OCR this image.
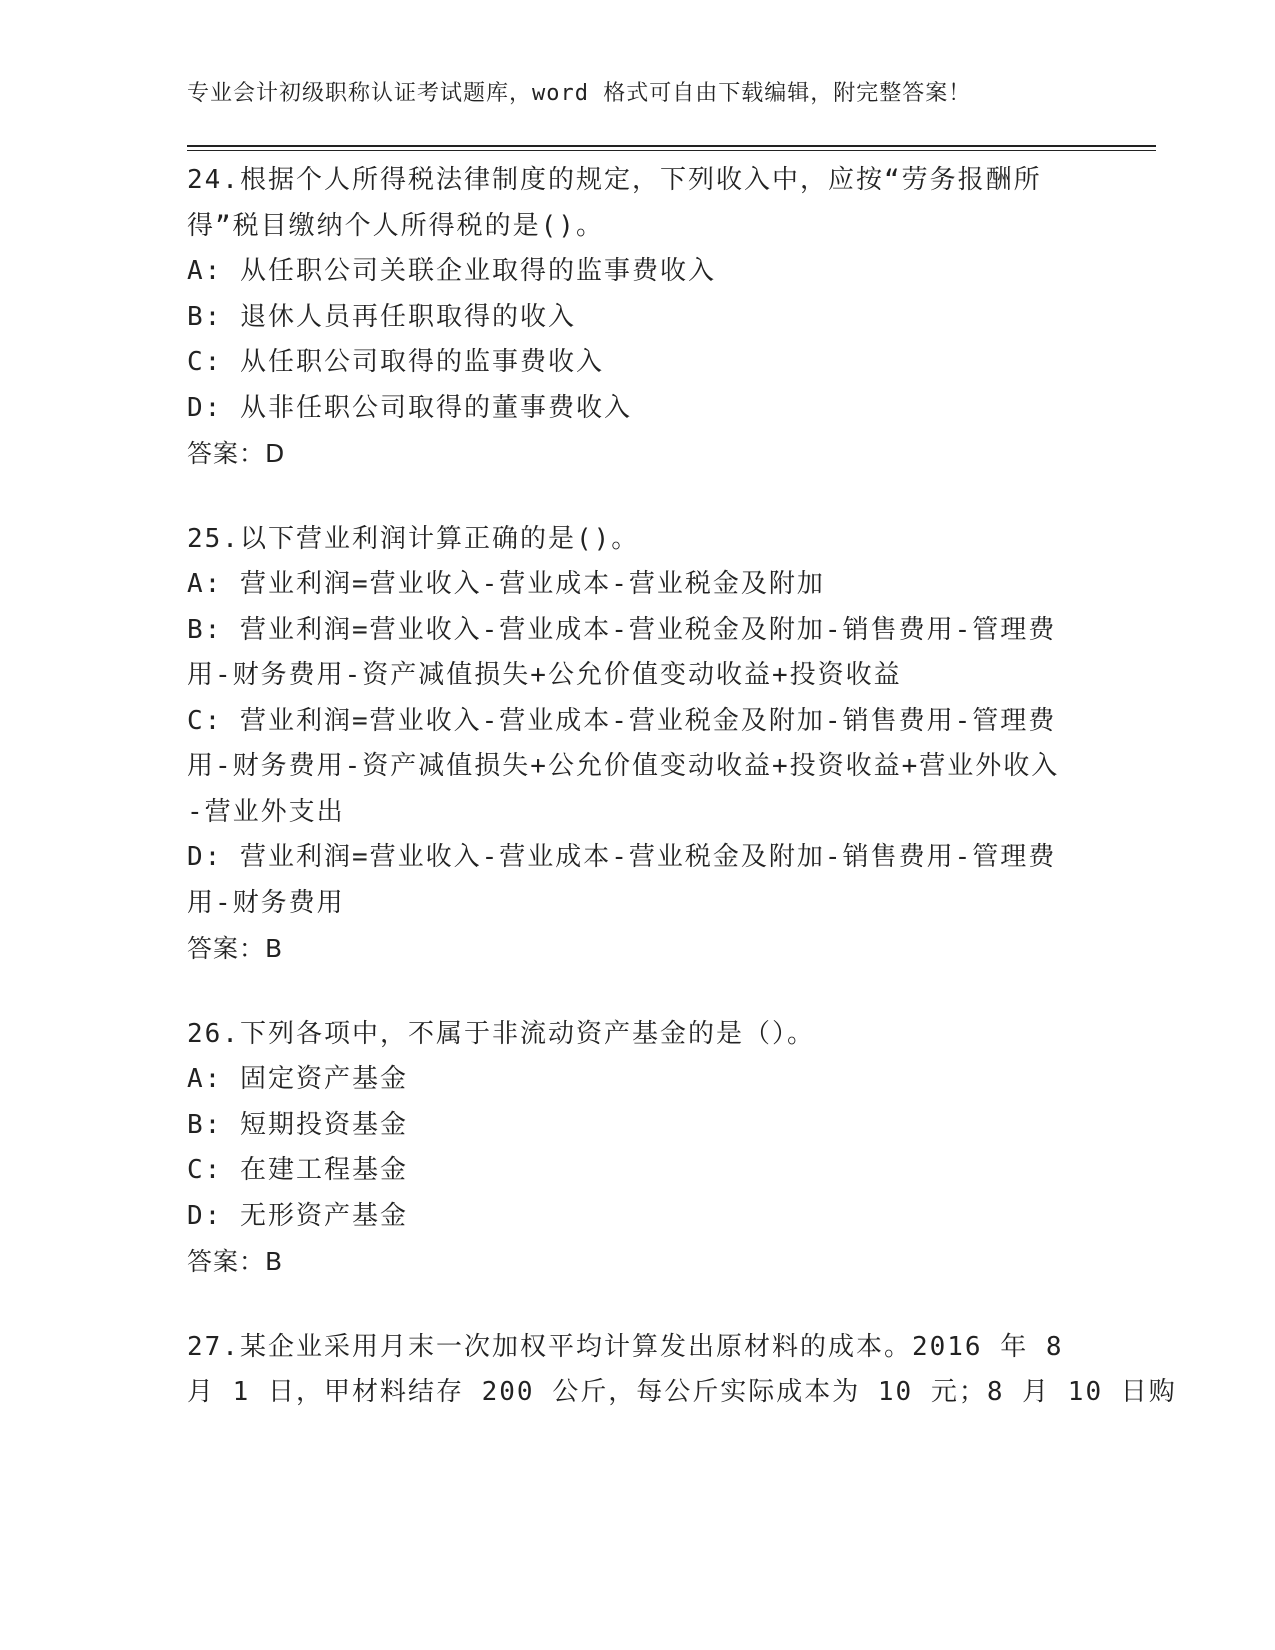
专业会计初级职称认证考试题库，word 格式可自由下载编辑，附完整答案！
24.根据个人所得税法律制度的规定，下列收入中，应按“劳务报酬所
得”税目缴纳个人所得税的是()。
A: 从任职公司关联企业取得的监事费收入
B: 退休人员再任职取得的收入
C: 从任职公司取得的监事费收入
D: 从非任职公司取得的董事费收入
答案：D
25.以下营业利润计算正确的是()。
A: 营业利润=营业收入-营业成本-营业税金及附加
B: 营业利润=营业收入-营业成本-营业税金及附加-销售费用-管理费
用-财务费用-资产减值损失+公允价值变动收益+投资收益
C: 营业利润=营业收入-营业成本-营业税金及附加-销售费用-管理费
用-财务费用-资产减值损失+公允价值变动收益+投资收益+营业外收入
-营业外支出
D: 营业利润=营业收入-营业成本-营业税金及附加-销售费用-管理费
用-财务费用
答案：B
26.下列各项中，不属于非流动资产基金的是（）。
A: 固定资产基金
B: 短期投资基金
C: 在建工程基金
D: 无形资产基金
答案：B
27.某企业采用月末一次加权平均计算发出原材料的成本。2016 年 8
月 1 日，甲材料结存 200 公斤，每公斤实际成本为 10 元；8 月 10 日购
